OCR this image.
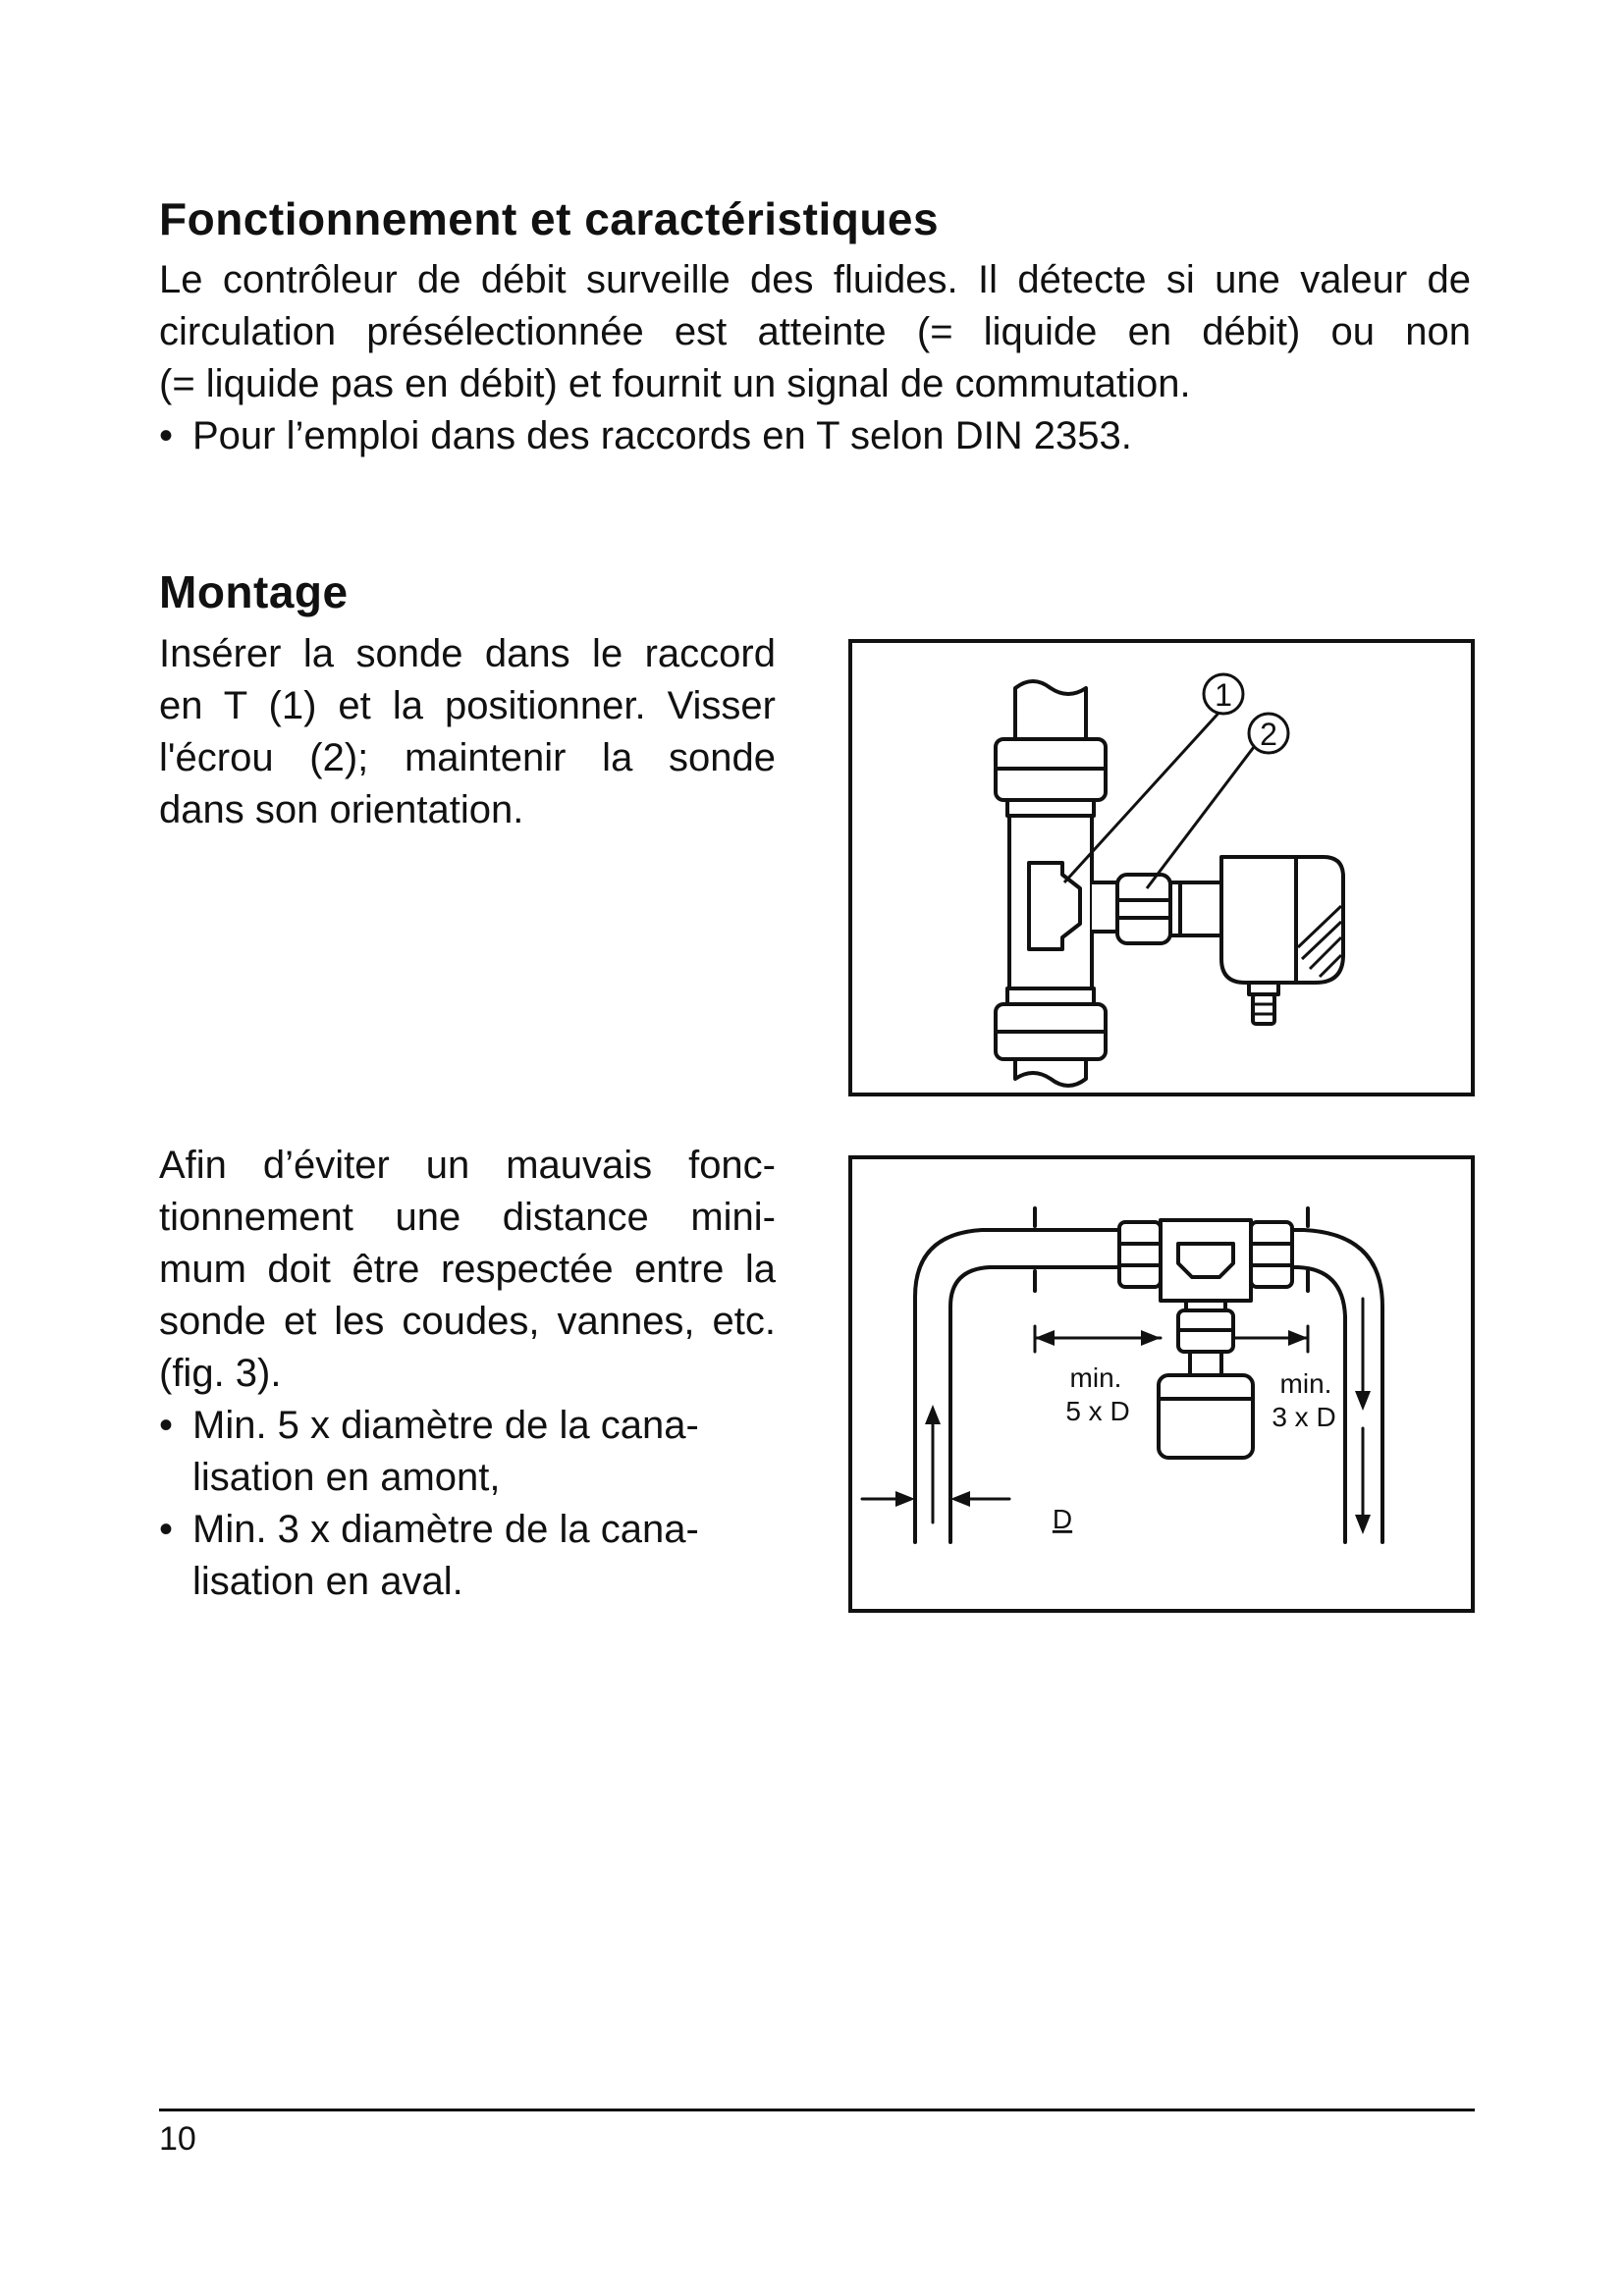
Fonctionnement et caractéristiques
Le contrôleur de débit surveille des fluides. Il détecte si une valeur de
circulation présélectionnée est atteinte (= liquide en débit) ou non
(= liquide pas en débit) et fournit un signal de commutation.
• Pour l’emploi dans des raccords en T selon DIN 2353.
Montage
Insérer la sonde dans le raccord
en T (1) et la positionner. Visser
l'écrou (2); maintenir la sonde
dans son orientation.
Afin d’éviter un mauvais fonc-
tionnement une distance mini-
mum doit être respectée entre la
sonde et les coudes, vannes, etc.
(fig. 3).
• Min. 5 x diamètre de la cana-
lisation en amont,
• Min. 3 x diamètre de la cana-
lisation en aval.
1
2
min.
5 x D
min.
3 x D
D
10
